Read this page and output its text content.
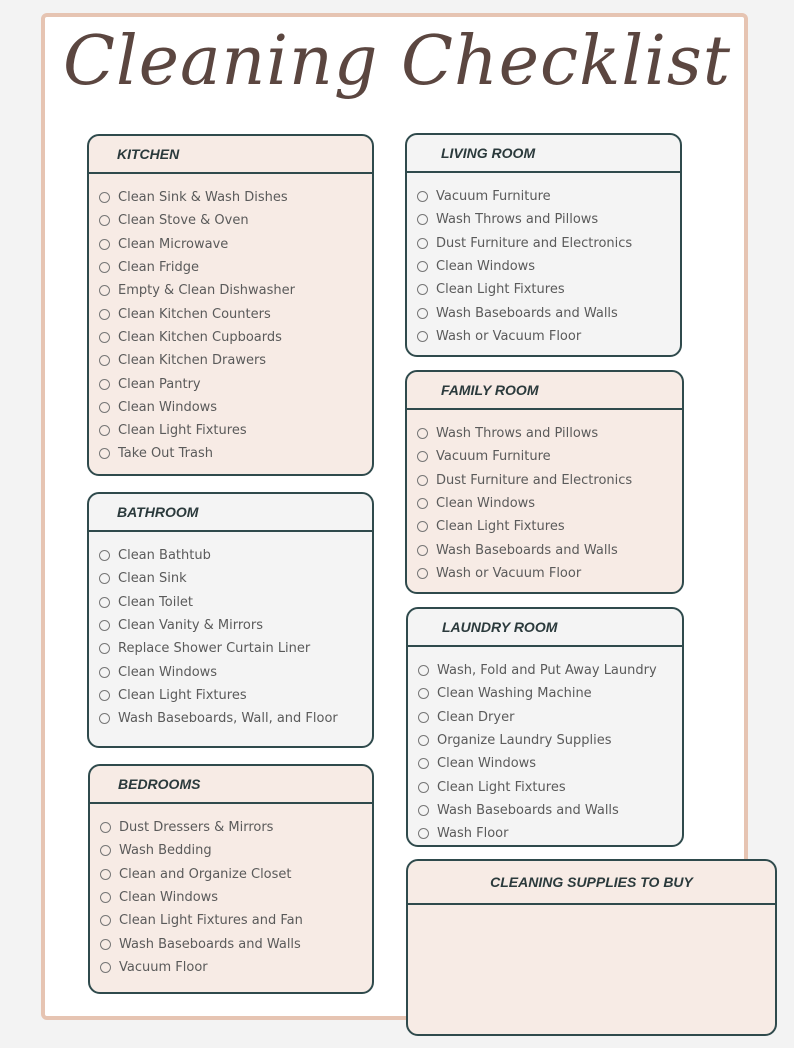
Cleaning Checklist
KITCHEN
Clean Sink & Wash Dishes
Clean Stove & Oven
Clean Microwave
Clean Fridge
Empty & Clean Dishwasher
Clean Kitchen Counters
Clean Kitchen Cupboards
Clean Kitchen Drawers
Clean Pantry
Clean Windows
Clean Light Fixtures
Take Out Trash
BATHROOM
Clean Bathtub
Clean Sink
Clean Toilet
Clean Vanity & Mirrors
Replace Shower Curtain Liner
Clean Windows
Clean Light Fixtures
Wash Baseboards, Wall, and Floor
BEDROOMS
Dust Dressers & Mirrors
Wash Bedding
Clean and Organize Closet
Clean Windows
Clean Light Fixtures and Fan
Wash Baseboards and Walls
Vacuum Floor
LIVING ROOM
Vacuum Furniture
Wash Throws and Pillows
Dust Furniture and Electronics
Clean Windows
Clean Light Fixtures
Wash Baseboards and Walls
Wash or Vacuum Floor
FAMILY ROOM
Wash Throws and Pillows
Vacuum Furniture
Dust Furniture and Electronics
Clean Windows
Clean Light Fixtures
Wash Baseboards and Walls
Wash or Vacuum Floor
LAUNDRY ROOM
Wash, Fold and Put Away Laundry
Clean Washing Machine
Clean Dryer
Organize Laundry Supplies
Clean Windows
Clean Light Fixtures
Wash Baseboards and Walls
Wash Floor
CLEANING SUPPLIES TO BUY
